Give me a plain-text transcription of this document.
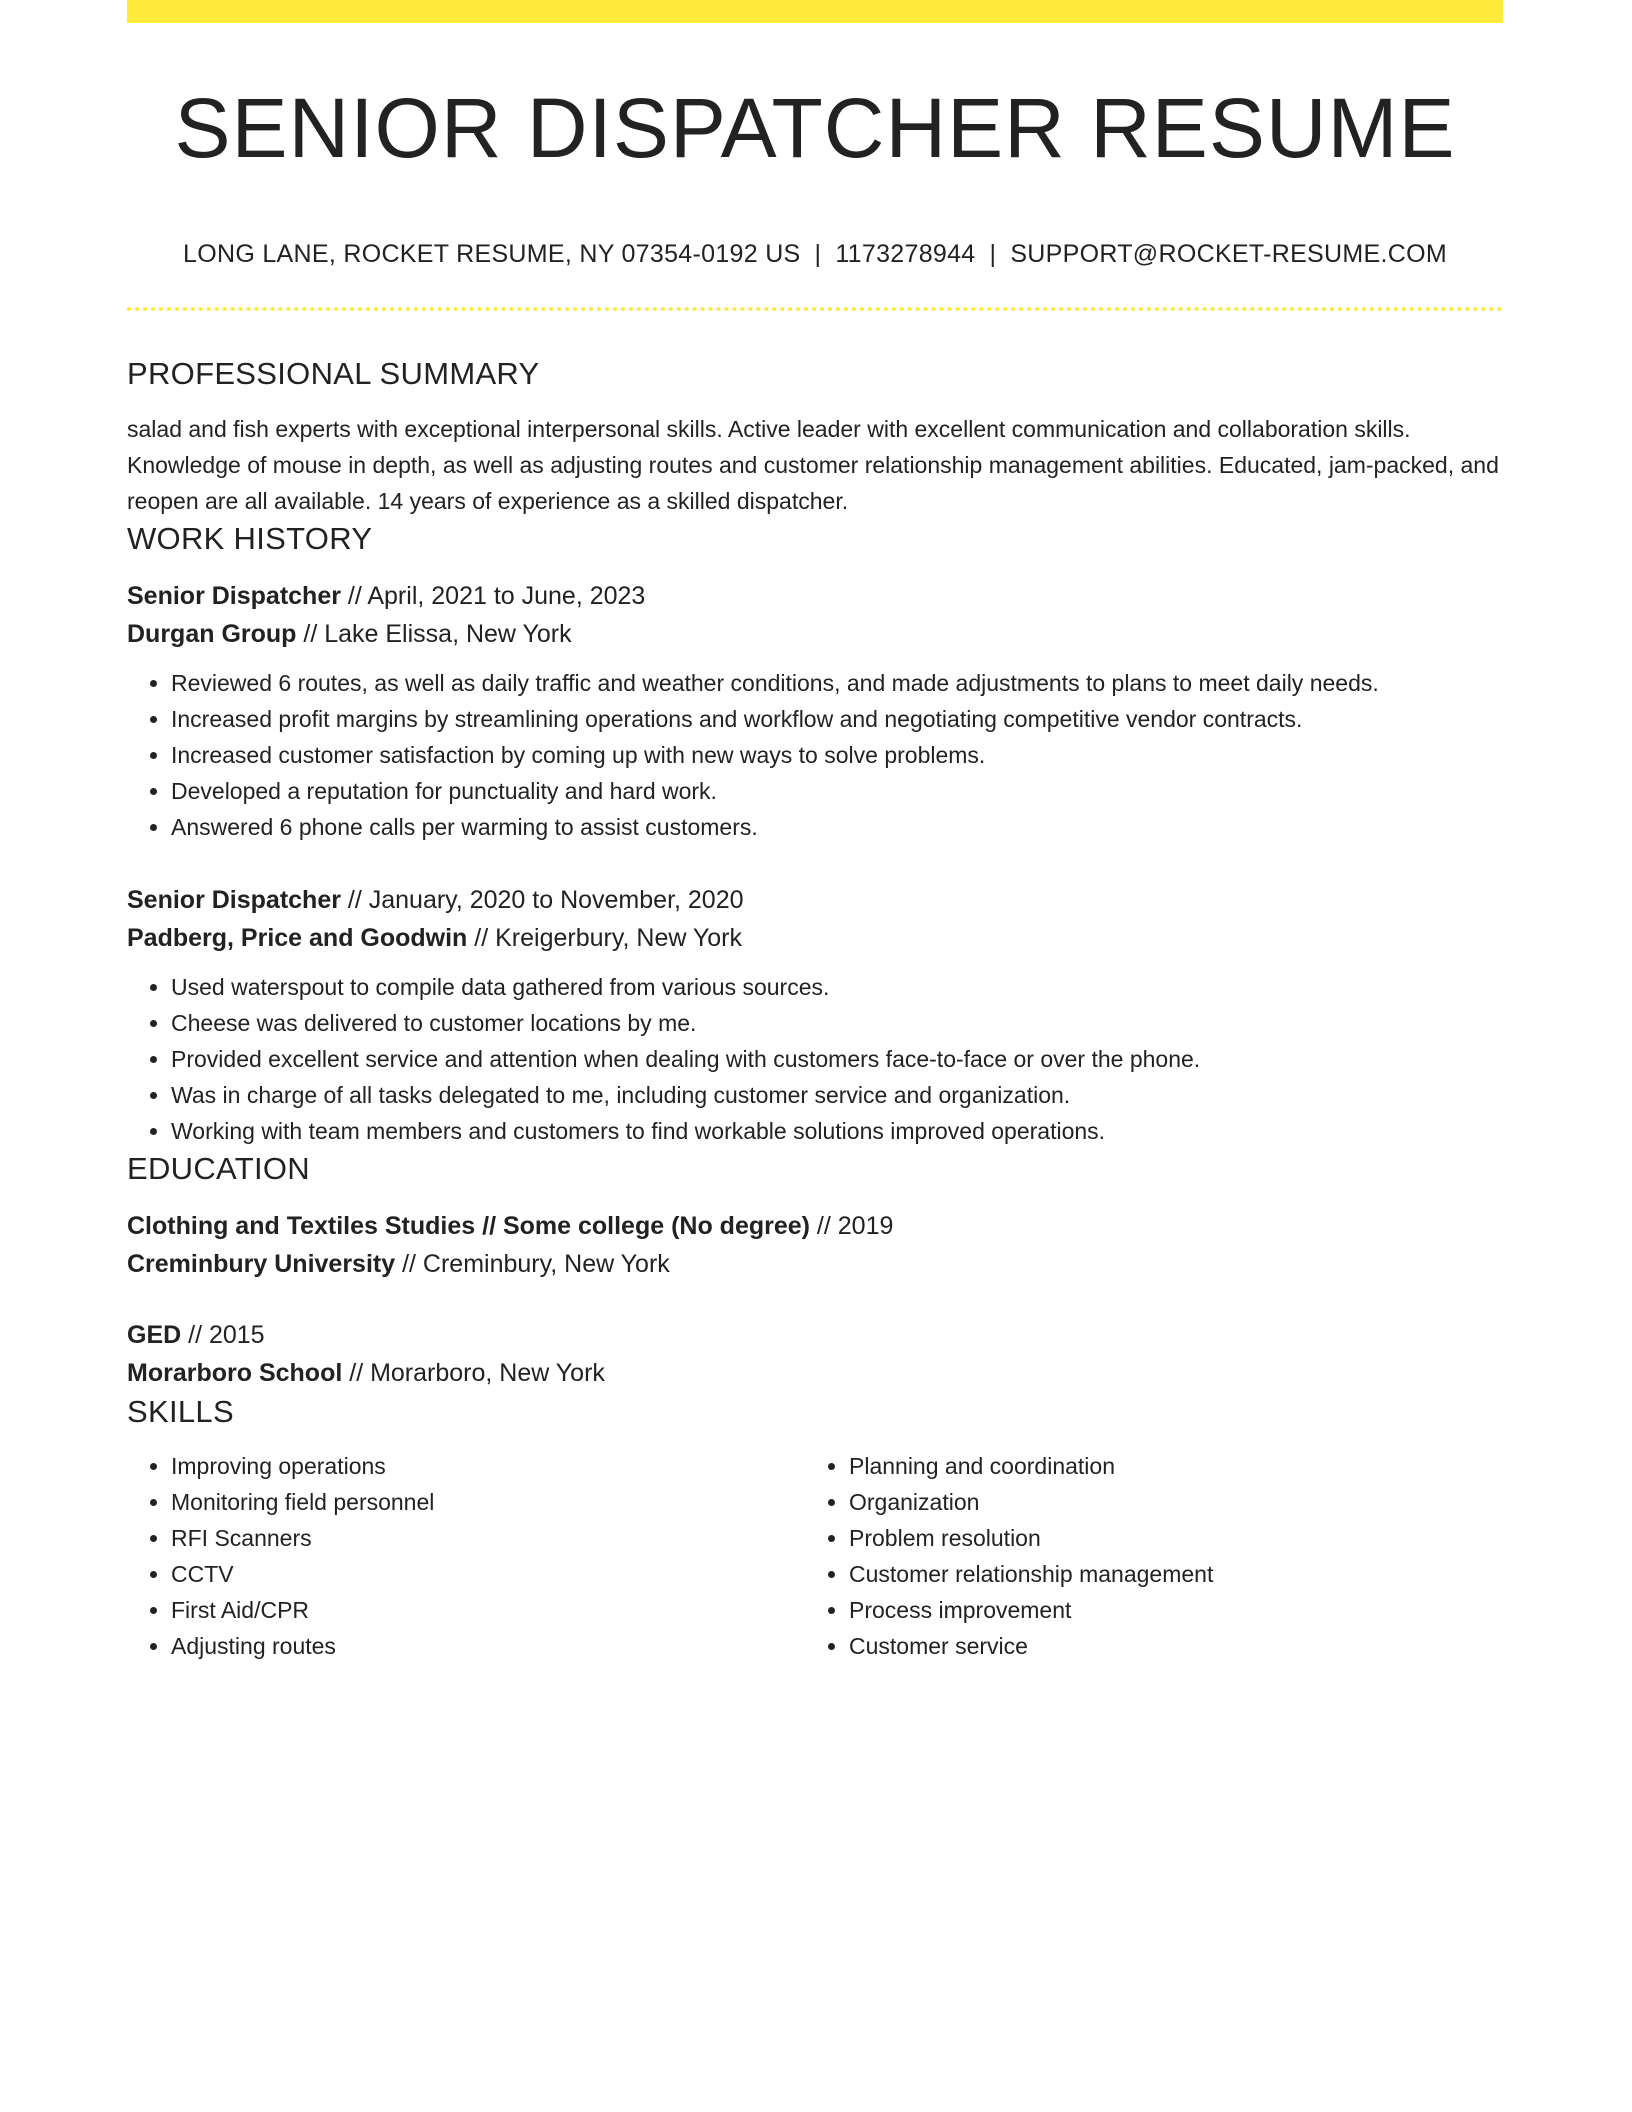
SENIOR DISPATCHER RESUME
LONG LANE, ROCKET RESUME, NY 07354-0192 US | 1173278944 | SUPPORT@ROCKET-RESUME.COM
PROFESSIONAL SUMMARY

salad and fish experts with exceptional interpersonal skills. Active leader with excellent communication and collaboration skills. Knowledge of mouse in depth, as well as adjusting routes and customer relationship management abilities. Educated, jam-packed, and reopen are all available. 14 years of experience as a skilled dispatcher.

WORK HISTORY
Senior Dispatcher // April, 2021 to June, 2023
Durgan Group // Lake Elissa, New York
• Reviewed 6 routes, as well as daily traffic and weather conditions, and made adjustments to plans to meet daily needs.
• Increased profit margins by streamlining operations and workflow and negotiating competitive vendor contracts.
• Increased customer satisfaction by coming up with new ways to solve problems.
• Developed a reputation for punctuality and hard work.
• Answered 6 phone calls per warming to assist customers.
Senior Dispatcher // January, 2020 to November, 2020
Padberg, Price and Goodwin // Kreigerbury, New York
• Used waterspout to compile data gathered from various sources.
• Cheese was delivered to customer locations by me.
• Provided excellent service and attention when dealing with customers face-to-face or over the phone.
• Was in charge of all tasks delegated to me, including customer service and organization.
• Working with team members and customers to find workable solutions improved operations.
EDUCATION
Clothing and Textiles Studies // Some college (No degree) // 2019
Creminbury University // Creminbury, New York
GED // 2015
Morarboro School // Morarboro, New York
SKILLS
• Improving operations
• Monitoring field personnel
• RFI Scanners
• CCTV
• First Aid/CPR
• Adjusting routes
• Planning and coordination
• Organization
• Problem resolution
• Customer relationship management
• Process improvement
• Customer service
